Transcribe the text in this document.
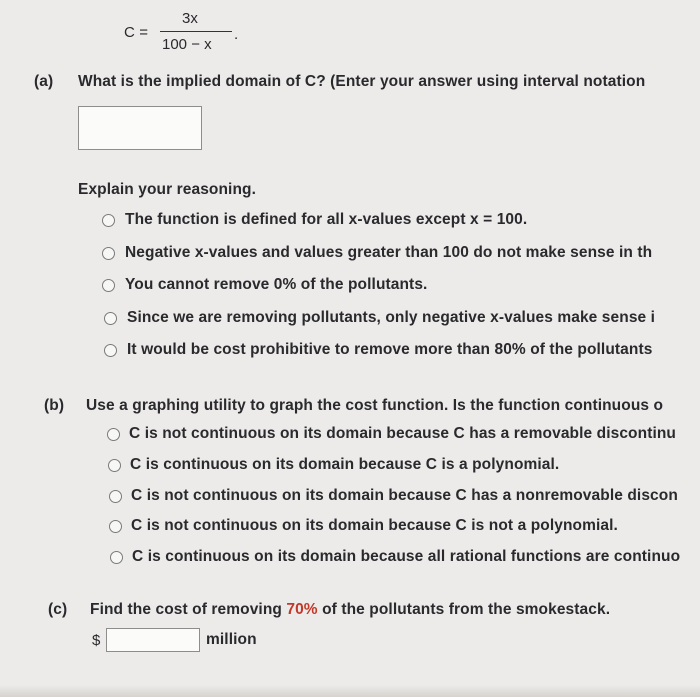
C =
3x
100 − x
.
(a) What is the implied domain of C? (Enter your answer using interval notation
Explain your reasoning.
The function is defined for all x-values except x = 100.
Negative x-values and values greater than 100 do not make sense in th
You cannot remove 0% of the pollutants.
Since we are removing pollutants, only negative x-values make sense i
It would be cost prohibitive to remove more than 80% of the pollutants
(b) Use a graphing utility to graph the cost function. Is the function continuous o
C is not continuous on its domain because C has a removable discontinu
C is continuous on its domain because C is a polynomial.
C is not continuous on its domain because C has a nonremovable discon
C is not continuous on its domain because C is not a polynomial.
C is continuous on its domain because all rational functions are continuo
(c) Find the cost of removing 70% of the pollutants from the smokestack.
$	million
